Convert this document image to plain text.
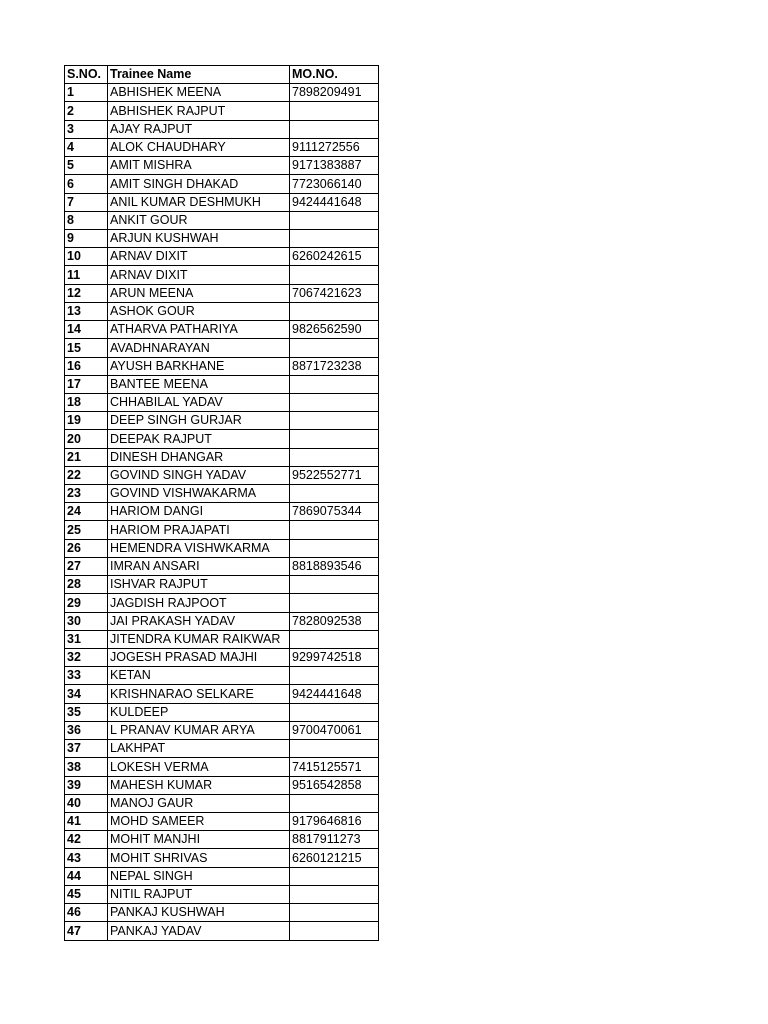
S.NO.	Trainee Name	MO.NO.
1	ABHISHEK MEENA	7898209491
2	ABHISHEK RAJPUT	
3	AJAY RAJPUT	
4	ALOK CHAUDHARY	9111272556
5	AMIT MISHRA	9171383887
6	AMIT SINGH DHAKAD	7723066140
7	ANIL KUMAR DESHMUKH	9424441648
8	ANKIT GOUR	
9	ARJUN KUSHWAH	
10	ARNAV DIXIT	6260242615
11	ARNAV DIXIT	
12	ARUN MEENA	7067421623
13	ASHOK GOUR	
14	ATHARVA PATHARIYA	9826562590
15	AVADHNARAYAN	
16	AYUSH BARKHANE	8871723238
17	BANTEE MEENA	
18	CHHABILAL YADAV	
19	DEEP SINGH GURJAR	
20	DEEPAK RAJPUT	
21	DINESH DHANGAR	
22	GOVIND SINGH YADAV	9522552771
23	GOVIND VISHWAKARMA	
24	HARIOM DANGI	7869075344
25	HARIOM PRAJAPATI	
26	HEMENDRA VISHWKARMA	
27	IMRAN ANSARI	8818893546
28	ISHVAR RAJPUT	
29	JAGDISH RAJPOOT	
30	JAI PRAKASH YADAV	7828092538
31	JITENDRA KUMAR RAIKWAR	
32	JOGESH PRASAD MAJHI	9299742518
33	KETAN	
34	KRISHNARAO SELKARE	9424441648
35	KULDEEP	
36	L PRANAV KUMAR ARYA	9700470061
37	LAKHPAT	
38	LOKESH VERMA	7415125571
39	MAHESH KUMAR	9516542858
40	MANOJ GAUR	
41	MOHD SAMEER	9179646816
42	MOHIT MANJHI	8817911273
43	MOHIT SHRIVAS	6260121215
44	NEPAL SINGH	
45	NITIL RAJPUT	
46	PANKAJ KUSHWAH	
47	PANKAJ YADAV	
